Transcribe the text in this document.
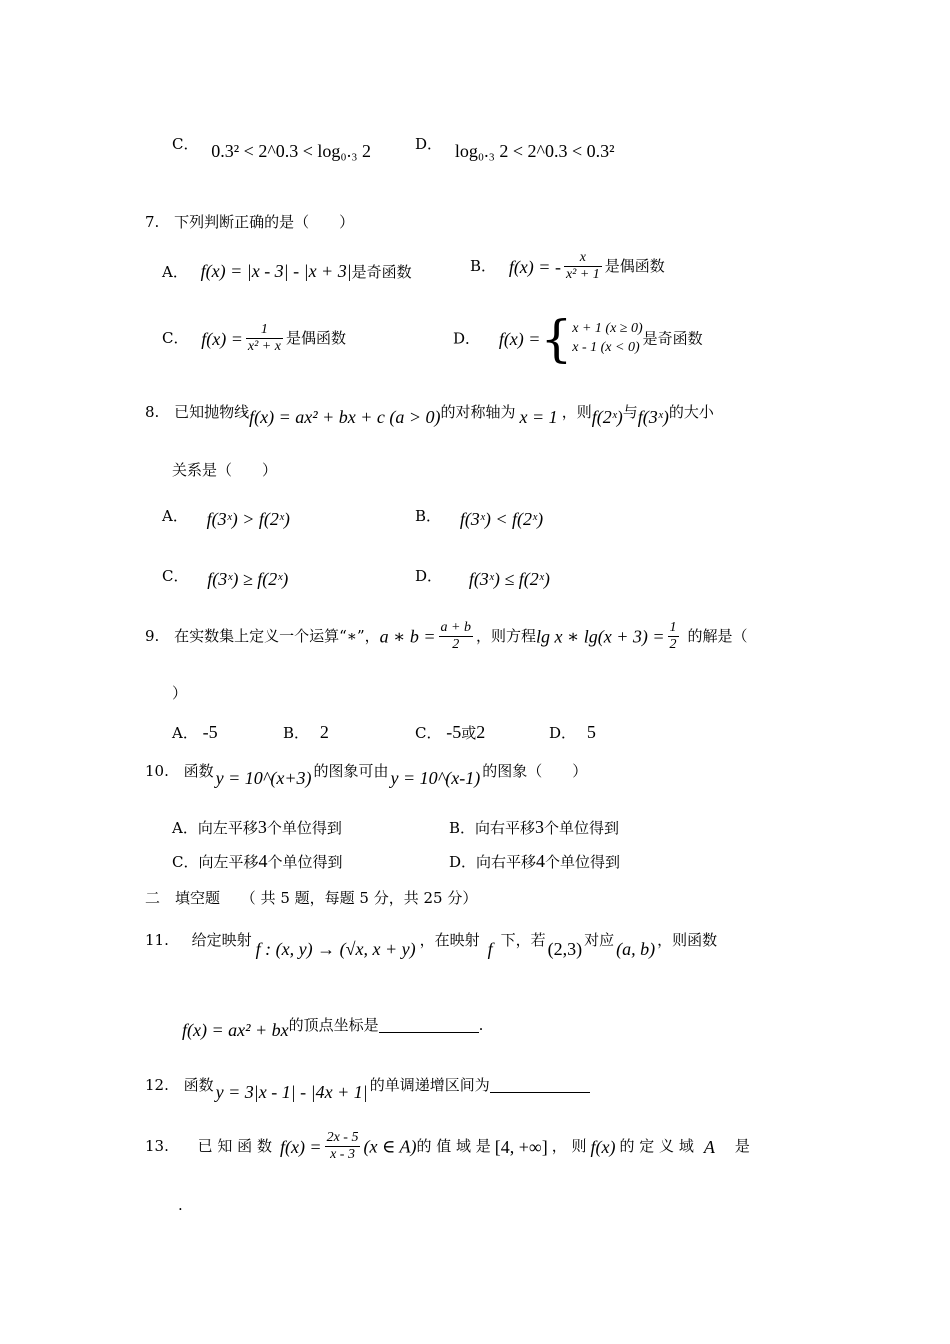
C． 0.3² < 2^0.3 < log₀.₃ 2	D． log₀.₃ 2 < 2^0.3 < 0.3²
7. 下列判断正确的是（　　）
A． f(x) = |x - 3| - |x + 3|是奇函数	B． f(x) = - $\frac{x}{\text{x² + 1}}$ 是偶函数
C． $f(x) = \frac{1}{\text{x² + x}}$ 是偶函数	D． f(x) ={ x + 1 (x ≥ 0)
x - 1 (x < 0) 是奇函数
8. 已知抛物线f(x) = ax² + bx + c (a > 0)的对称轴为 x = 1 ，则f(2ˣ)与f(3ˣ)的大小
关系是（　　）
A． f(3ˣ) > f(2ˣ)	B． f(3ˣ) < f(2ˣ)
C． f(3ˣ) ≥ f(2ˣ)	D． f(3ˣ) ≤ f(2ˣ)
9. 在实数集上定义一个运算“∗”，a ∗ $b = \frac{a + b}{2}$ ，则方程lg x ∗ $\lg(x + 3) = \frac{1}{2}$ 的解是（
）
A． -5	B． 2	C． -5或2	D． 5
10. 函数 y = 10^(x+3) 的图象可由 y = 10^(x-1) 的图象（　　）
A．向左平移3个单位得到	B．向右平移3个单位得到
C．向左平移4个单位得到	D．向右平移4个单位得到
二　填空题 （ 共 5 题，每题 5 分，共 25 分）
11. 给定映射 f : (x, y) → (√x, x + y) ，在映射 f 下，若 (2,3) 对应 (a, b) ，则函数
f(x) = ax² + bx的顶点坐标是	.
12. 函数 y = 3|x - 1| - |4x + 1| 的单调递增区间为
13. 已 知 函 数 $f(x) = \frac{2x - 5}{x - 3} (x$ ∈ A)的 值 域 是 [4, +∞] ， 则 f(x) 的 定 义 域 A 是
.
